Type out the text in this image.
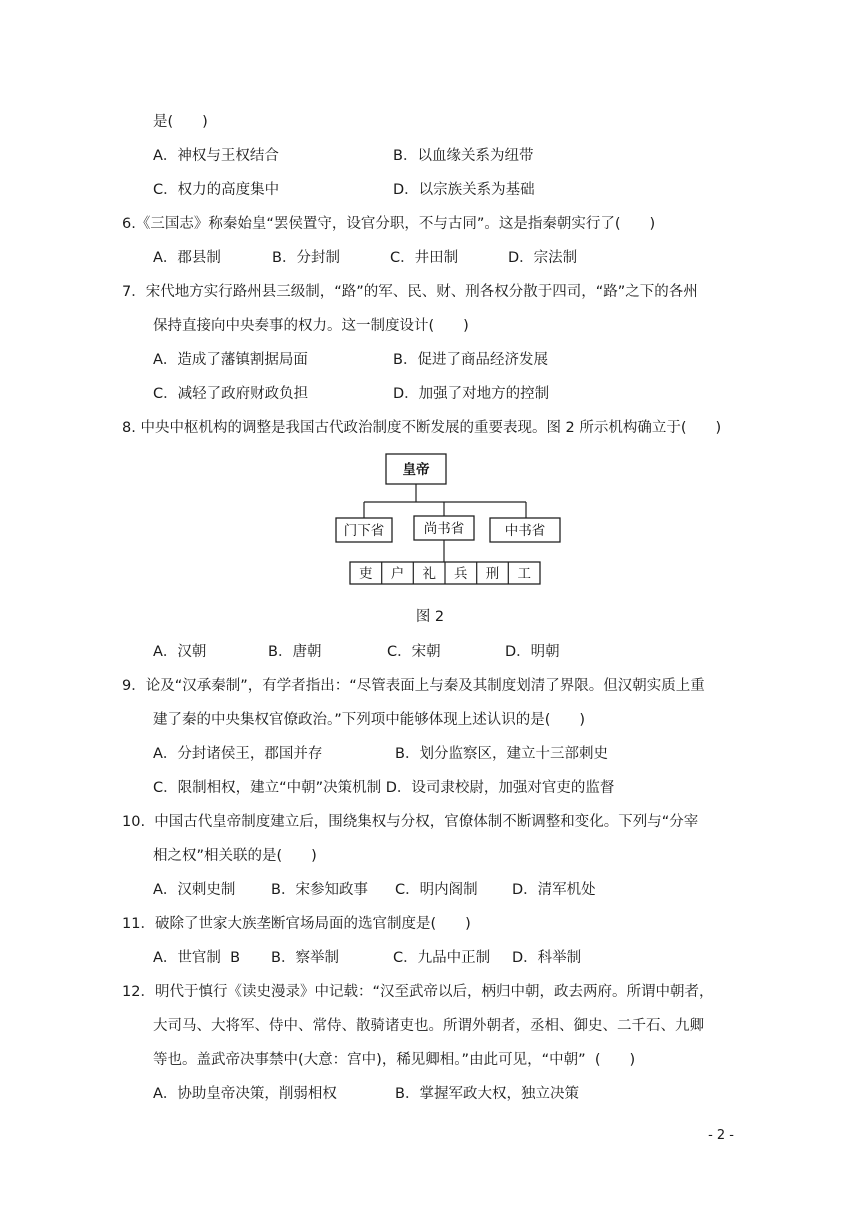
是(　　)
A．神权与王权结合	B．以血缘关系为纽带
C．权力的高度集中	D．以宗族关系为基础
6.《三国志》称秦始皇“罢侯置守，设官分职，不与古同”。这是指秦朝实行了(　　)
A．郡县制	B．分封制	C．井田制	D．宗法制
7．宋代地方实行路州县三级制，“路”的军、民、财、刑各权分散于四司，“路”之下的各州
保持直接向中央奏事的权力。这一制度设计(　　)
A．造成了藩镇割据局面	B．促进了商品经济发展
C．减轻了政府财政负担	D．加强了对地方的控制
8. 中央中枢机构的调整是我国古代政治制度不断发展的重要表现。图 2 所示机构确立于(　　)
皇帝
门下省	尚书省	中书省
吏 户 礼 兵 刑 工
图 2
A．汉朝	B．唐朝	C．宋朝	D．明朝
9．论及“汉承秦制”，有学者指出：“尽管表面上与秦及其制度划清了界限。但汉朝实质上重
建了秦的中央集权官僚政治。”下列项中能够体现上述认识的是(　　)
A．分封诸侯王，郡国并存	B．划分监察区，建立十三部刺史
C．限制相权，建立“中朝”决策机制 D．设司隶校尉，加强对官吏的监督
10.  中国古代皇帝制度建立后，围绕集权与分权，官僚体制不断调整和变化。下列与“分宰
相之权”相关联的是(　　)
A．汉刺史制 B．宋参知政事 C．明内阁制 D．清军机处
11．破除了世家大族垄断官场局面的选官制度是(　　)
A．世官制  B B．察举制	C．九品中正制 D．科举制
12．明代于慎行《读史漫录》中记载：“汉至武帝以后，柄归中朝，政去两府。所谓中朝者，
大司马、大将军、侍中、常侍、散骑诸吏也。所谓外朝者，丞相、御史、二千石、九卿
等也。盖武帝决事禁中(大意：宫中)，稀见卿相。”由此可见，“中朝”  (　　)
A．协助皇帝决策，削弱相权	B．掌握军政大权，独立决策
- 2 -
